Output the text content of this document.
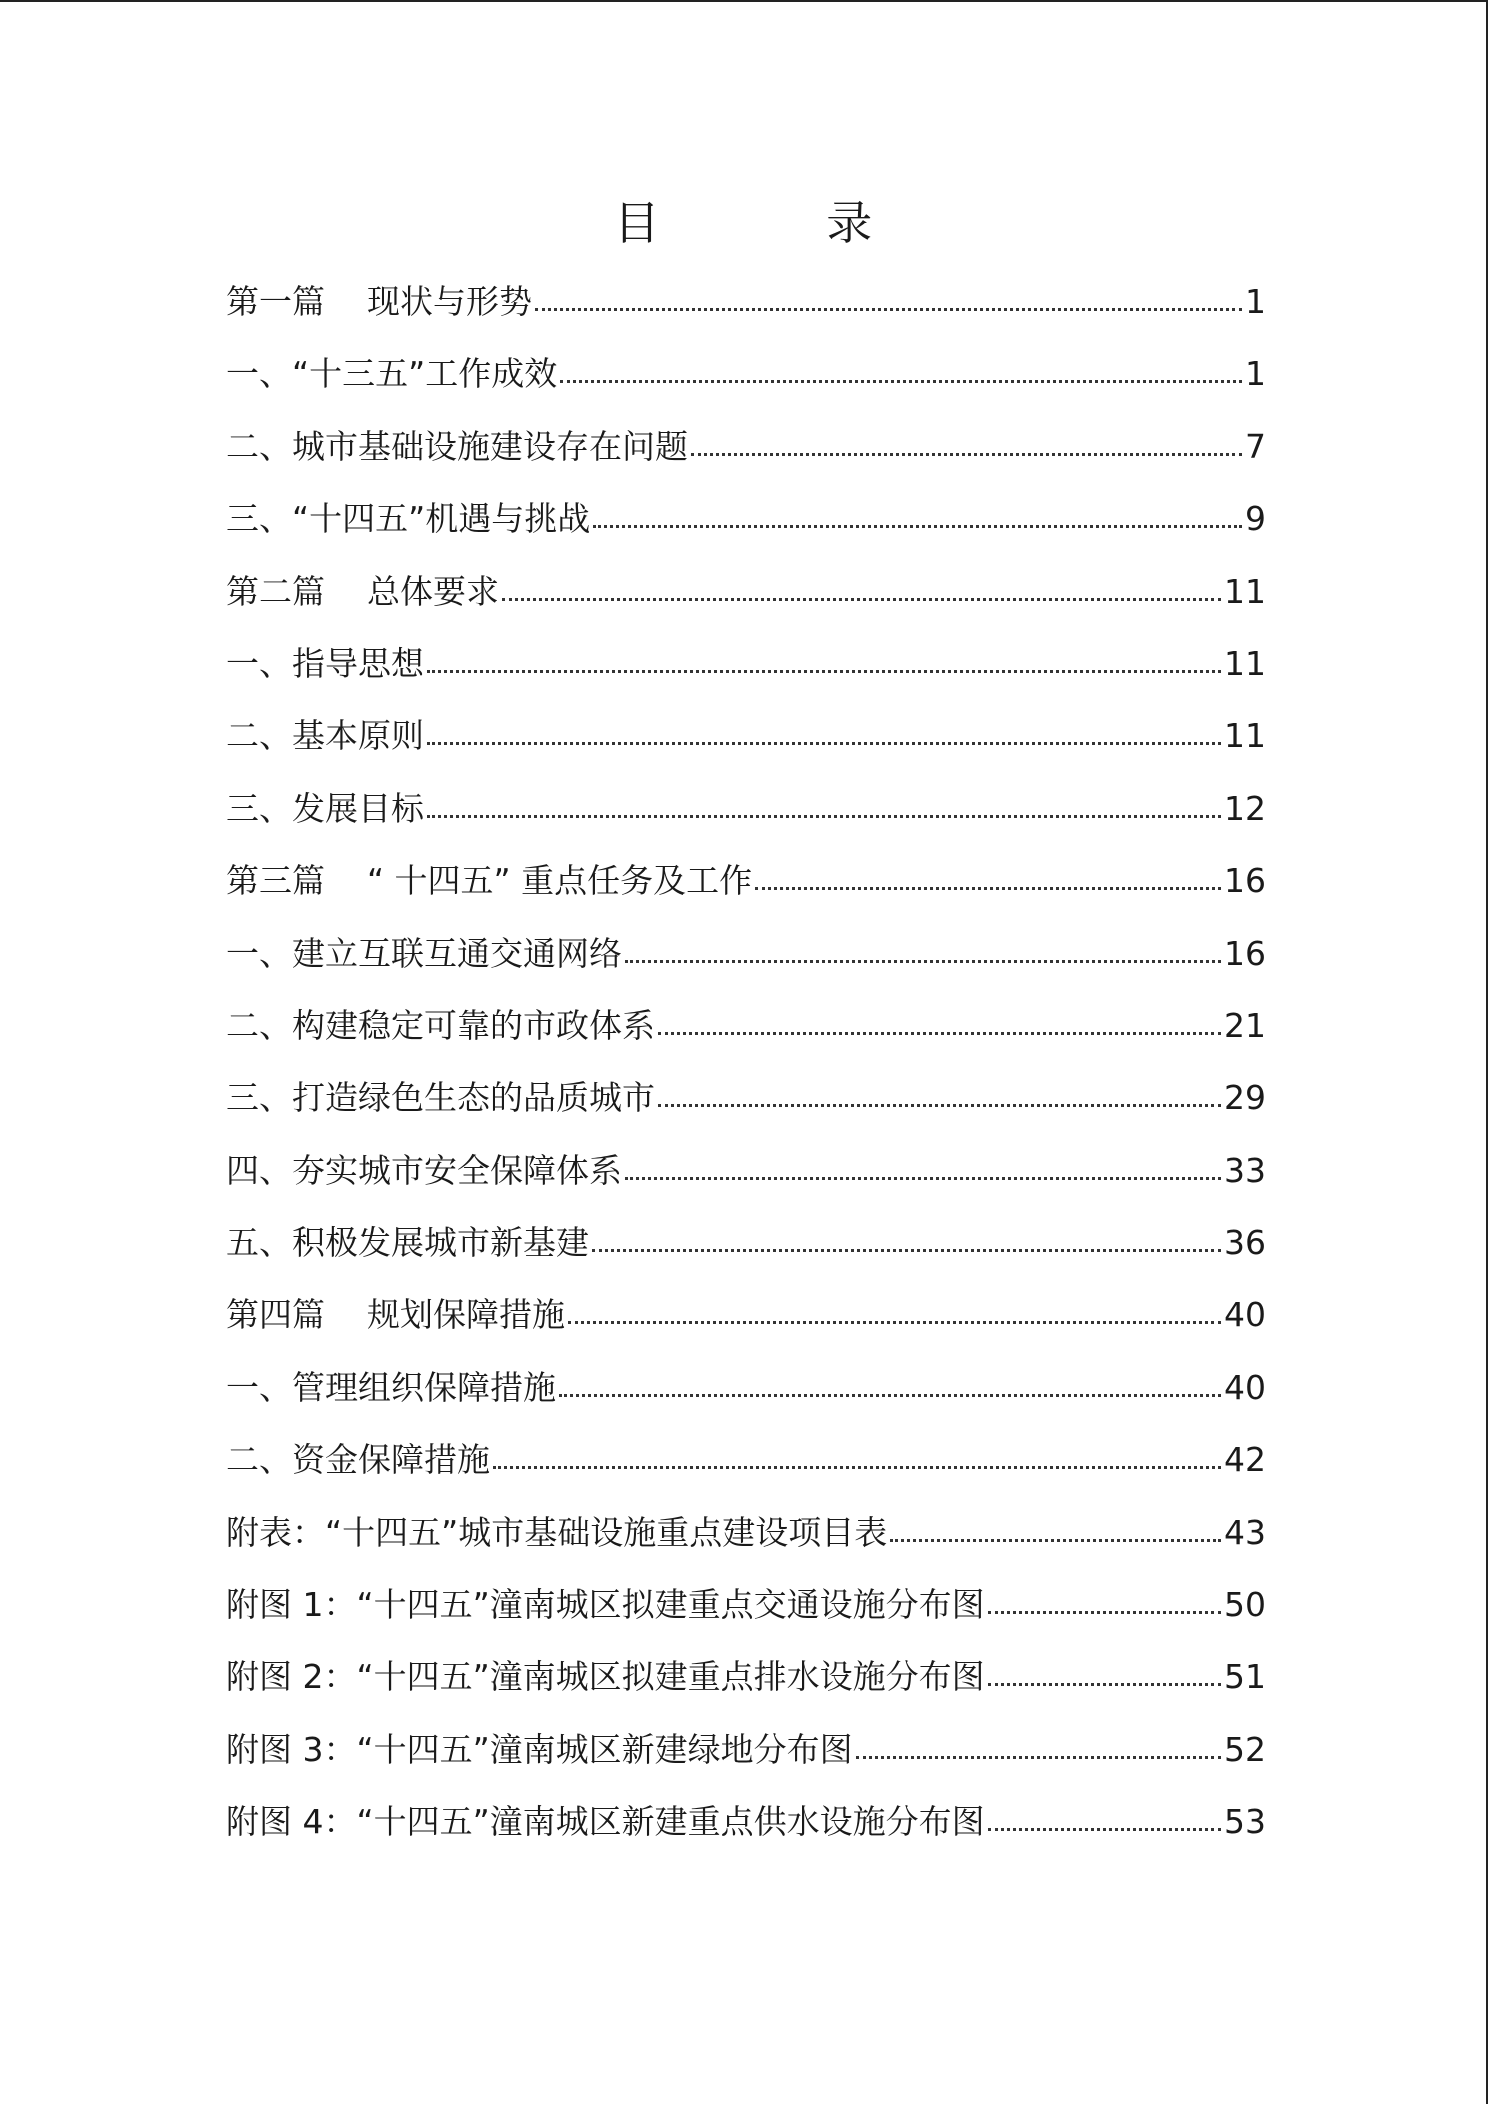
目 录
第一篇    现状与形势	1
一、“十三五”工作成效	1
二、城市基础设施建设存在问题	7
三、“十四五”机遇与挑战	9
第二篇    总体要求	11
一、指导思想	11
二、基本原则	11
三、发展目标	12
第三篇    “ 十四五” 重点任务及工作	16
一、建立互联互通交通网络	16
二、构建稳定可靠的市政体系	21
三、打造绿色生态的品质城市	29
四、夯实城市安全保障体系	33
五、积极发展城市新基建	36
第四篇    规划保障措施	40
一、管理组织保障措施	40
二、资金保障措施	42
附表：“十四五”城市基础设施重点建设项目表	43
附图 1：“十四五”潼南城区拟建重点交通设施分布图	50
附图 2：“十四五”潼南城区拟建重点排水设施分布图	51
附图 3：“十四五”潼南城区新建绿地分布图	52
附图 4：“十四五”潼南城区新建重点供水设施分布图	53
